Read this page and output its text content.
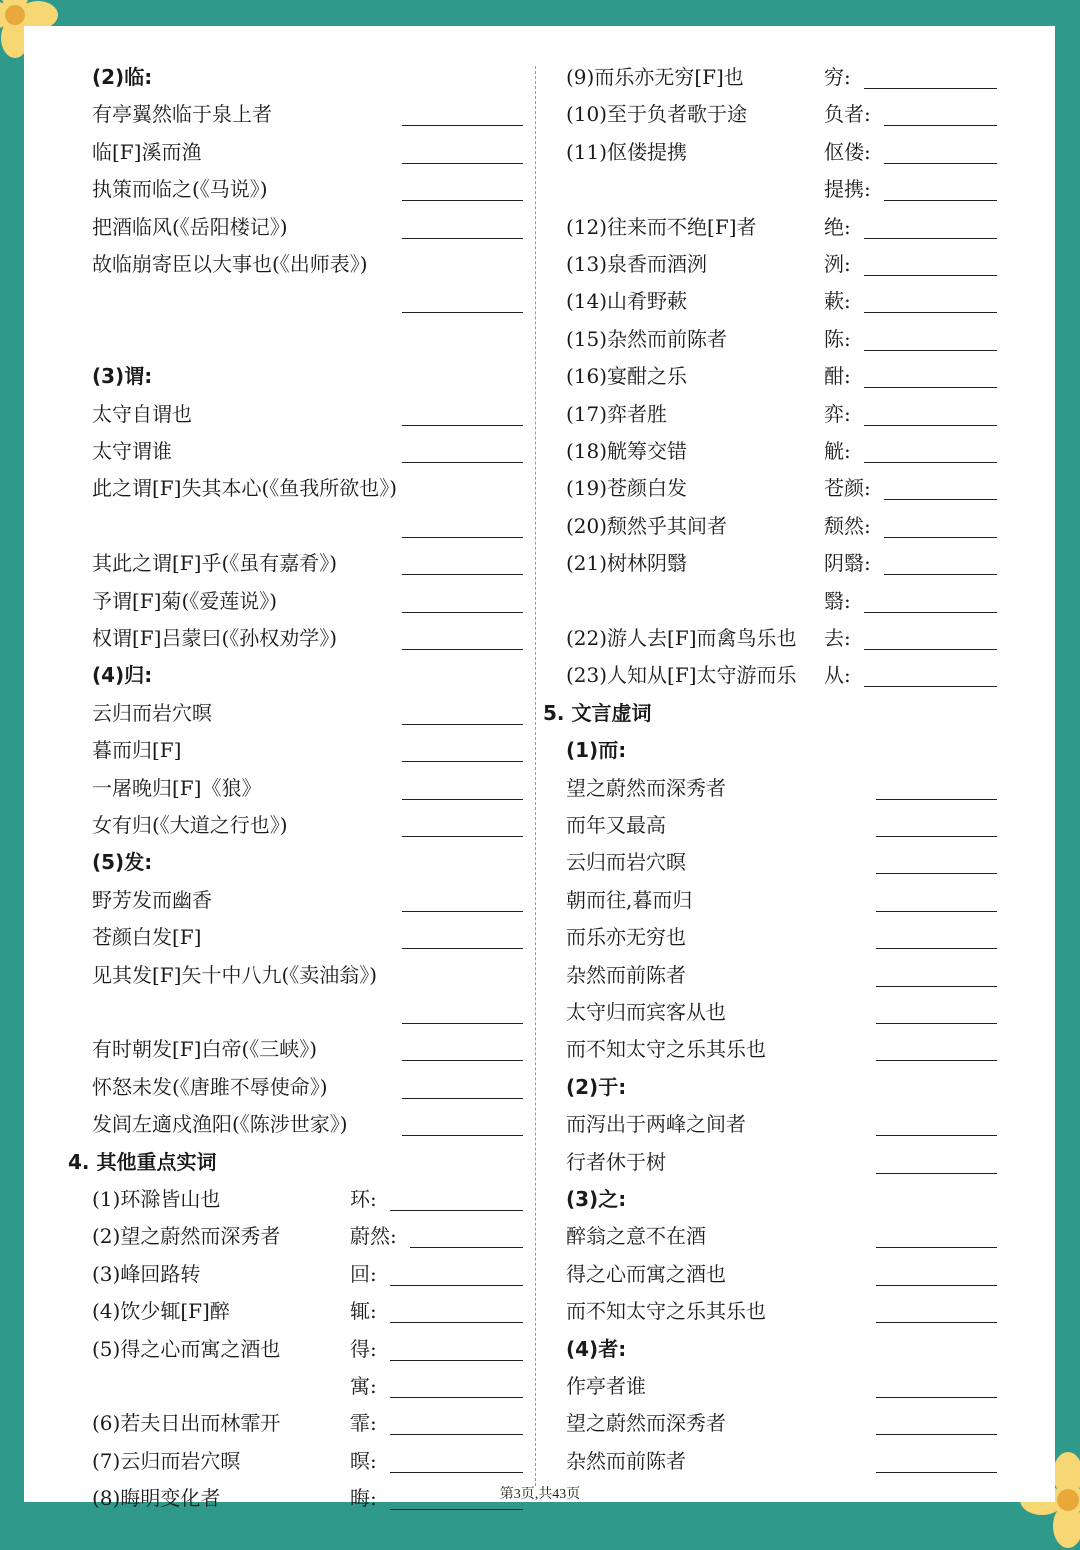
(2)临:
有亭翼然临于泉上者
临[F]溪而渔
执策而临之(《马说》)
把酒临风(《岳阳楼记》)
故临崩寄臣以大事也(《出师表》)
(3)谓:
太守自谓也
太守谓谁
此之谓[F]失其本心(《鱼我所欲也》)
其此之谓[F]乎(《虽有嘉肴》)
予谓[F]菊(《爱莲说》)
权谓[F]吕蒙曰(《孙权劝学》)
(4)归:
云归而岩穴暝
暮而归[F]
一屠晚归[F]《狼》
女有归(《大道之行也》)
(5)发:
野芳发而幽香
苍颜白发[F]
见其发[F]矢十中八九(《卖油翁》)
有时朝发[F]白帝(《三峡》)
怀怒未发(《唐雎不辱使命》)
发闾左適戍渔阳(《陈涉世家》)
4. 其他重点实词
(1)环滁皆山也	环:
(2)望之蔚然而深秀者	蔚然:
(3)峰回路转	回:
(4)饮少辄[F]醉	辄:
(5)得之心而寓之酒也	得:
寓:
(6)若夫日出而林霏开	霏:
(7)云归而岩穴暝	暝:
(8)晦明变化者	晦:
(9)而乐亦无穷[F]也	穷:
(10)至于负者歌于途	负者:
(11)伛偻提携	伛偻:
提携:
(12)往来而不绝[F]者	绝:
(13)泉香而酒洌	洌:
(14)山肴野蔌	蔌:
(15)杂然而前陈者	陈:
(16)宴酣之乐	酣:
(17)弈者胜	弈:
(18)觥筹交错	觥:
(19)苍颜白发	苍颜:
(20)颓然乎其间者	颓然:
(21)树林阴翳	阴翳:
翳:
(22)游人去[F]而禽鸟乐也 去:
(23)人知从[F]太守游而乐 从:
5. 文言虚词
(1)而:
望之蔚然而深秀者
而年又最高
云归而岩穴暝
朝而往,暮而归
而乐亦无穷也
杂然而前陈者
太守归而宾客从也
而不知太守之乐其乐也
(2)于:
而泻出于两峰之间者
行者休于树
(3)之:
醉翁之意不在酒
得之心而寓之酒也
而不知太守之乐其乐也
(4)者:
作亭者谁
望之蔚然而深秀者
杂然而前陈者
第3页,共43页
